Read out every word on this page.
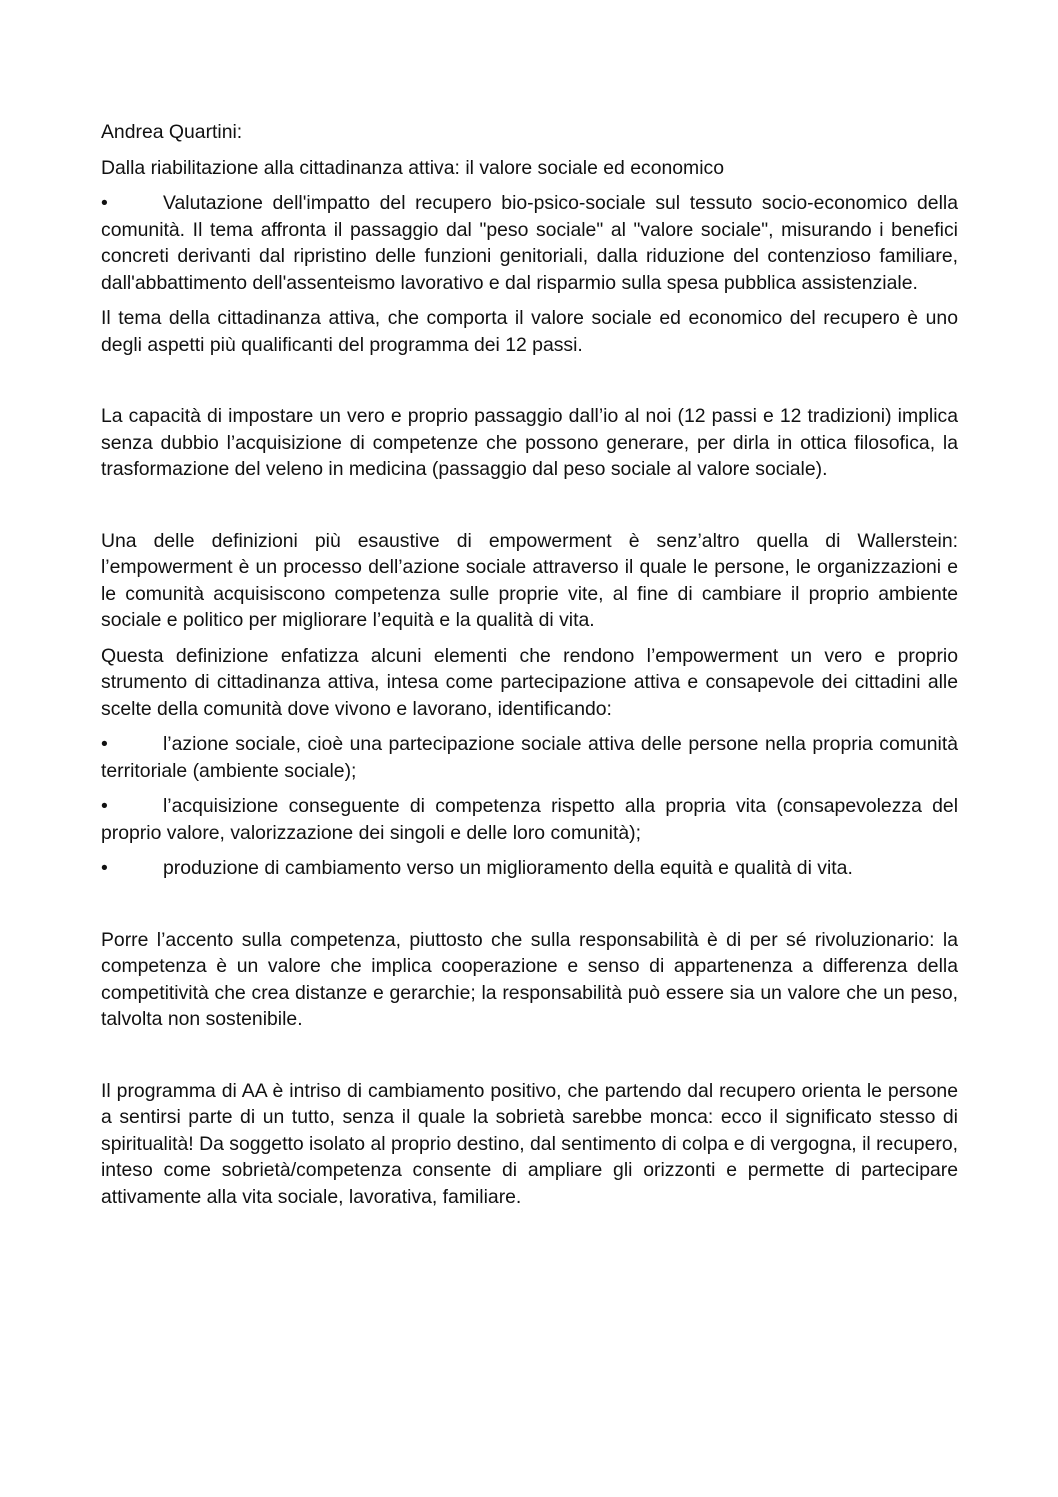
Andrea Quartini:

Dalla riabilitazione alla cittadinanza attiva: il valore sociale ed economico

•	Valutazione dell'impatto del recupero bio-psico-sociale sul tessuto socio-economico della comunità. Il tema affronta il passaggio dal "peso sociale" al "valore sociale", misurando i benefici concreti derivanti dal ripristino delle funzioni genitoriali, dalla riduzione del contenzioso familiare, dall'abbattimento dell'assenteismo lavorativo e dal risparmio sulla spesa pubblica assistenziale.

Il tema della cittadinanza attiva, che comporta il valore sociale ed economico del recupero è uno degli aspetti più qualificanti del programma dei 12 passi.

La capacità di impostare un vero e proprio passaggio dall’io al noi (12 passi e 12 tradizioni) implica senza dubbio l’acquisizione di competenze che possono generare, per dirla in ottica filosofica, la trasformazione del veleno in medicina (passaggio dal peso sociale al valore sociale).

Una delle definizioni più esaustive di empowerment è senz’altro quella di Wallerstein: l’empowerment è un processo dell’azione sociale attraverso il quale le persone, le organizzazioni e le comunità acquisiscono competenza sulle proprie vite, al fine di cambiare il proprio ambiente sociale e politico per migliorare l’equità e la qualità di vita.

Questa definizione enfatizza alcuni elementi che rendono l’empowerment un vero e proprio strumento di cittadinanza attiva, intesa come partecipazione attiva e consapevole dei cittadini alle scelte della comunità dove vivono e lavorano, identificando:

•	l’azione sociale, cioè una partecipazione sociale attiva delle persone nella propria comunità territoriale (ambiente sociale);

•	l’acquisizione conseguente di competenza rispetto alla propria vita (consapevolezza del proprio valore, valorizzazione dei singoli e delle loro comunità);

•	produzione di cambiamento verso un miglioramento della equità e qualità di vita.

Porre l’accento sulla competenza, piuttosto che sulla responsabilità è di per sé rivoluzionario: la competenza è un valore che implica cooperazione e senso di appartenenza a differenza della competitività che crea distanze e gerarchie; la responsabilità può essere sia un valore che un peso, talvolta non sostenibile.

Il programma di AA è intriso di cambiamento positivo, che partendo dal recupero orienta le persone a sentirsi parte di un tutto, senza il quale la sobrietà sarebbe monca: ecco il significato stesso di spiritualità! Da soggetto isolato al proprio destino, dal sentimento di colpa e di vergogna, il recupero, inteso come sobrietà/competenza consente di ampliare gli orizzonti e permette di partecipare attivamente alla vita sociale, lavorativa, familiare.
